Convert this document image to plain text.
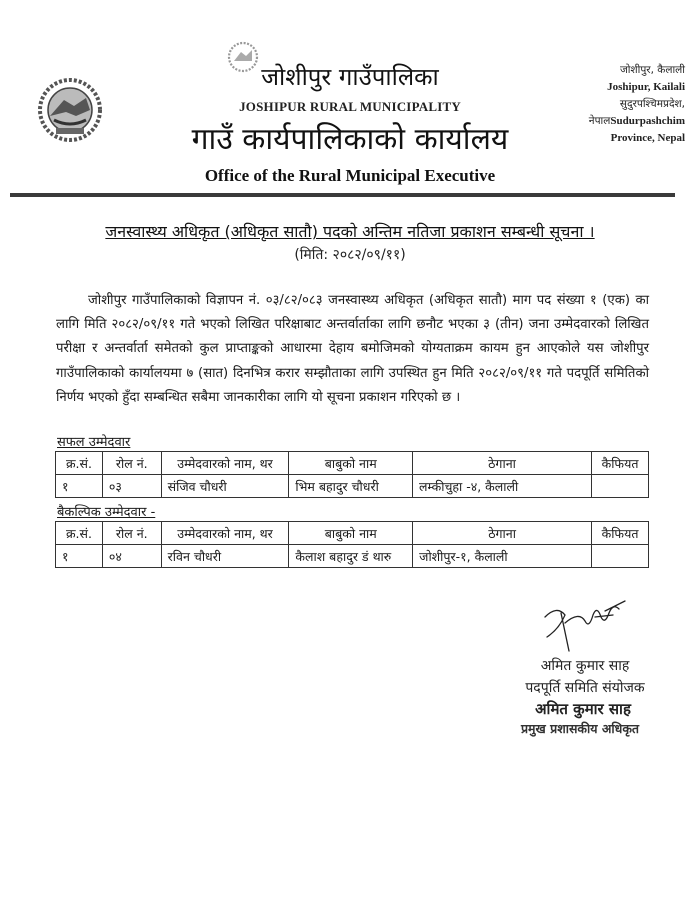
जोशीपुर गाउँपालिका
JOSHIPUR RURAL MUNICIPALITY
गाउँ कार्यपालिकाको कार्यालय
Office of the Rural Municipal Executive
जोशीपुर, कैलाली
Joshipur, Kailali
सुदुरपश्चिमप्रदेश,
नेपालSudurpashchim
Province, Nepal
जनस्वास्थ्य अधिकृत (अधिकृत सातौ) पदको अन्तिम नतिजा प्रकाशन सम्बन्धी सूचना ।
(मिति: २०८२/०९/११)
जोशीपुर गाउँपालिकाको विज्ञापन नं. ०३/८२/०८३ जनस्वास्थ्य अधिकृत (अधिकृत सातौ) माग पद संख्या १ (एक) का लागि मिति २०८२/०९/११ गते भएको लिखित परिक्षाबाट अन्तर्वार्ताका लागि छनौट भएका ३ (तीन) जना उम्मेदवारको लिखित परीक्षा र अन्तर्वार्ता समेतको कुल प्राप्ताङ्कको आधारमा देहाय बमोजिमको योग्यताक्रम कायम हुन आएकोले यस जोशीपुर गाउँपालिकाको कार्यालयमा ७ (सात) दिनभित्र करार सम्झौताका लागि उपस्थित हुन मिति २०८२/०९/११ गते पदपूर्ति समितिको निर्णय भएको हुँदा सम्बन्धित सबैमा जानकारीका लागि यो सूचना प्रकाशन गरिएको छ ।
सफल उम्मेदवार
क्र.सं.	रोल नं.	उम्मेदवारको नाम, थर	बाबुको नाम	ठेगाना	कैफियत
१	०३	संजिव चौधरी	भिम बहादुर चौधरी	लम्कीचुहा -४, कैलाली	
बैकल्पिक उम्मेदवार -
क्र.सं.	रोल नं.	उम्मेदवारको नाम, थर	बाबुको नाम	ठेगाना	कैफियत
१	०४	रविन चौधरी	कैलाश बहादुर डं थारु	जोशीपुर-१, कैलाली	
अमित कुमार साह
पदपूर्ति समिति संयोजक
अमित कुमार साह
प्रमुख प्रशासकीय अधिकृत
